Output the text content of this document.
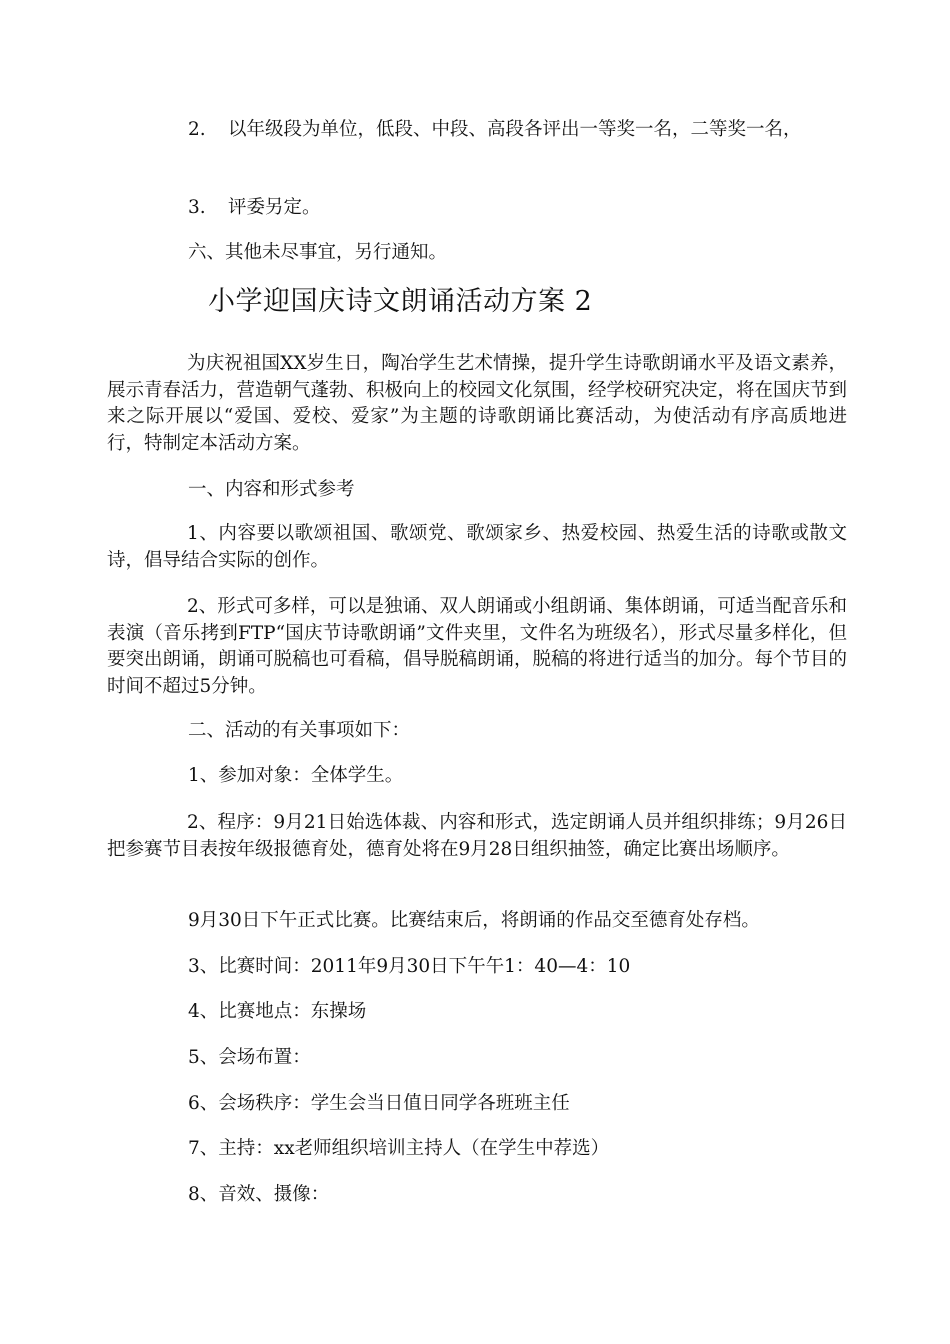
2. 以年级段为单位，低段、中段、高段各评出一等奖一名，二等奖一名，
3. 评委另定。
六、其他未尽事宜，另行通知。
小学迎国庆诗文朗诵活动方案 2
为庆祝祖国XX岁生日，陶冶学生艺术情操，提升学生诗歌朗诵水平及语文素养，展示青春活力，营造朝气蓬勃、积极向上的校园文化氛围，经学校研究决定，将在国庆节到来之际开展以“爱国、爱校、爱家”为主题的诗歌朗诵比赛活动，为使活动有序高质地进行，特制定本活动方案。
一、内容和形式参考
1、内容要以歌颂祖国、歌颂党、歌颂家乡、热爱校园、热爱生活的诗歌或散文诗，倡导结合实际的创作。
2、形式可多样，可以是独诵、双人朗诵或小组朗诵、集体朗诵，可适当配音乐和表演（音乐拷到FTP“国庆节诗歌朗诵”文件夹里，文件名为班级名），形式尽量多样化，但要突出朗诵，朗诵可脱稿也可看稿，倡导脱稿朗诵，脱稿的将进行适当的加分。每个节目的时间不超过5分钟。
二、活动的有关事项如下：
1、参加对象：全体学生。
2、程序：9月21日始选体裁、内容和形式，选定朗诵人员并组织排练；9月26日把参赛节目表按年级报德育处，德育处将在9月28日组织抽签，确定比赛出场顺序。
9月30日下午正式比赛。比赛结束后，将朗诵的作品交至德育处存档。
3、比赛时间：2011年9月30日下午午1：40—4：10
4、比赛地点：东操场
5、会场布置：
6、会场秩序：学生会当日值日同学各班班主任
7、主持：xx老师组织培训主持人（在学生中荐选）
8、音效、摄像：
